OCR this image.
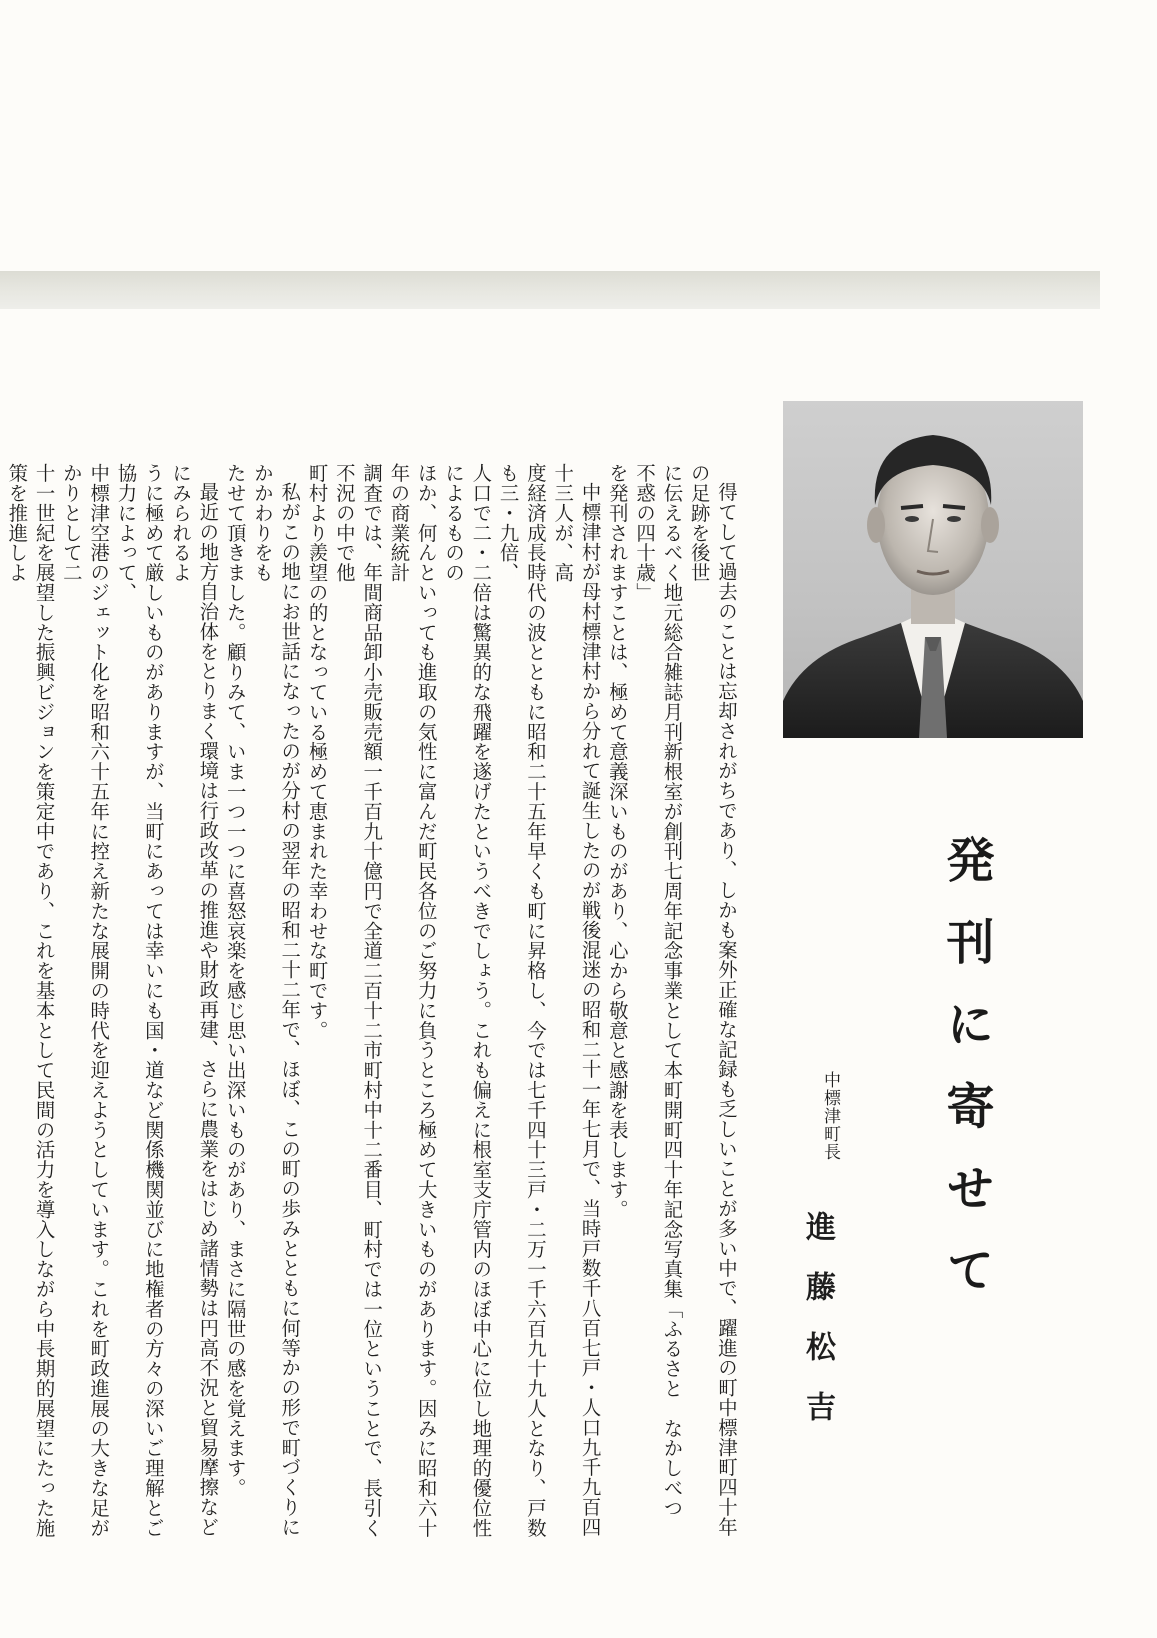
発刊に寄せて
中標津町長
進藤松吉

得てして過去のことは忘却されがちであり、しかも案外正確な記録も乏しいことが多い中で、躍進の町中標津町四十年の足跡を後世
に伝えるべく地元総合雑誌月刊新根室が創刊七周年記念事業として本町開町四十年記念写真集「ふるさと　なかしべつ　不惑の四十歳」
を発刊されますことは、極めて意義深いものがあり、心から敬意と感謝を表します。

中標津村が母村標津村から分れて誕生したのが戦後混迷の昭和二十一年七月で、当時戸数千八百七戸・人口九千九百四十三人が、高
度経済成長時代の波とともに昭和二十五年早くも町に昇格し、今では七千四十三戸・二万一千六百九十九人となり、戸数も三・九倍、
人口で二・二倍は驚異的な飛躍を遂げたというべきでしょう。これも偏えに根室支庁管内のほぼ中心に位し地理的優位性によるものの
ほか、何んといっても進取の気性に富んだ町民各位のご努力に負うところ極めて大きいものがあります。因みに昭和六十年の商業統計
調査では、年間商品卸小売販売額一千百九十億円で全道二百十二市町村中十二番目、町村では一位ということで、長引く不況の中で他
町村より羨望の的となっている極めて恵まれた幸わせな町です。

私がこの地にお世話になったのが分村の翌年の昭和二十二年で、ほぼ、この町の歩みとともに何等かの形で町づくりにかかわりをも
たせて頂きました。顧りみて、いま一つ一つに喜怒哀楽を感じ思い出深いものがあり、まさに隔世の感を覚えます。

最近の地方自治体をとりまく環境は行政改革の推進や財政再建、さらに農業をはじめ諸情勢は円高不況と貿易摩擦などにみられるよ
うに極めて厳しいものがありますが、当町にあっては幸いにも国・道など関係機関並びに地権者の方々の深いご理解とご協力によって、
中標津空港のジェット化を昭和六十五年に控え新たな展開の時代を迎えようとしています。これを町政進展の大きな足がかりとして二
十一世紀を展望した振興ビジョンを策定中であり、これを基本として民間の活力を導入しながら中長期的展望にたった施策を推進しよ
